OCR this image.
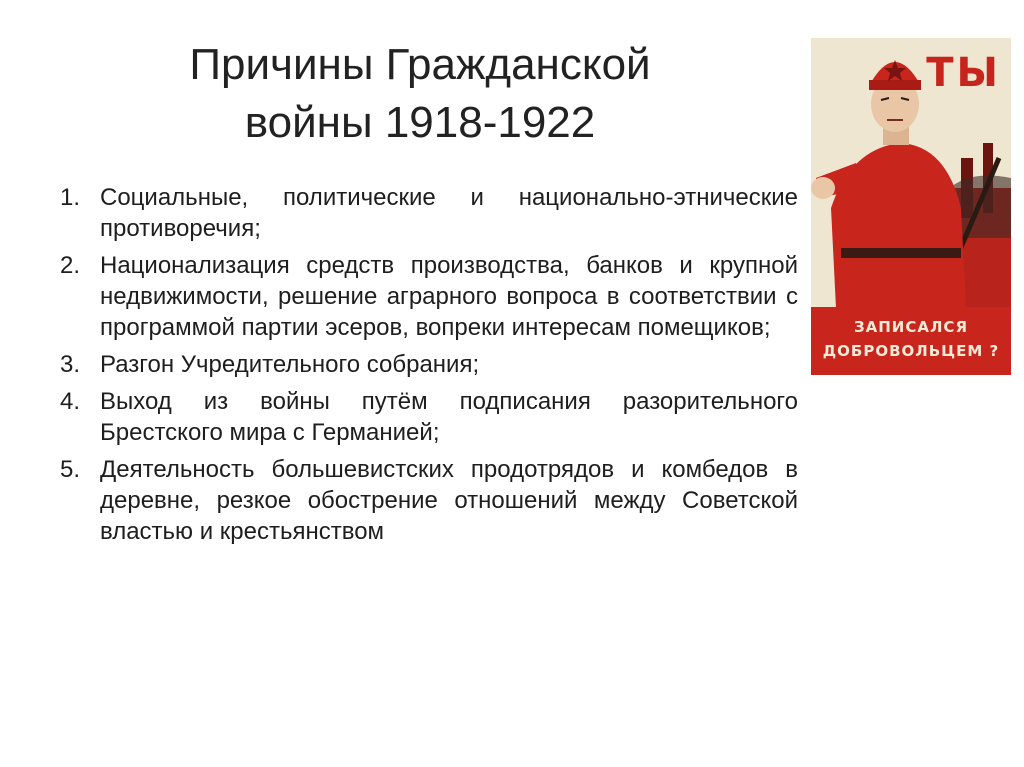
Причины Гражданской
войны 1918-1922
1. Социальные, политические и национально-этнические противоречия;
2. Национализация средств производства, банков и крупной недвижимости, решение аграрного вопроса в соответствии с программой партии эсеров, вопреки интересам помещиков;
3. Разгон Учредительного собрания;
4. Выход из войны путём подписания разорительного Брестского мира с Германией;
5. Деятельность большевистских продотрядов и комбедов в деревне, резкое обострение отношений между Советской властью и крестьянством
ТЫ
ЗАПИСАЛСЯ
ДОБРОВОЛЬЦЕМ ?
